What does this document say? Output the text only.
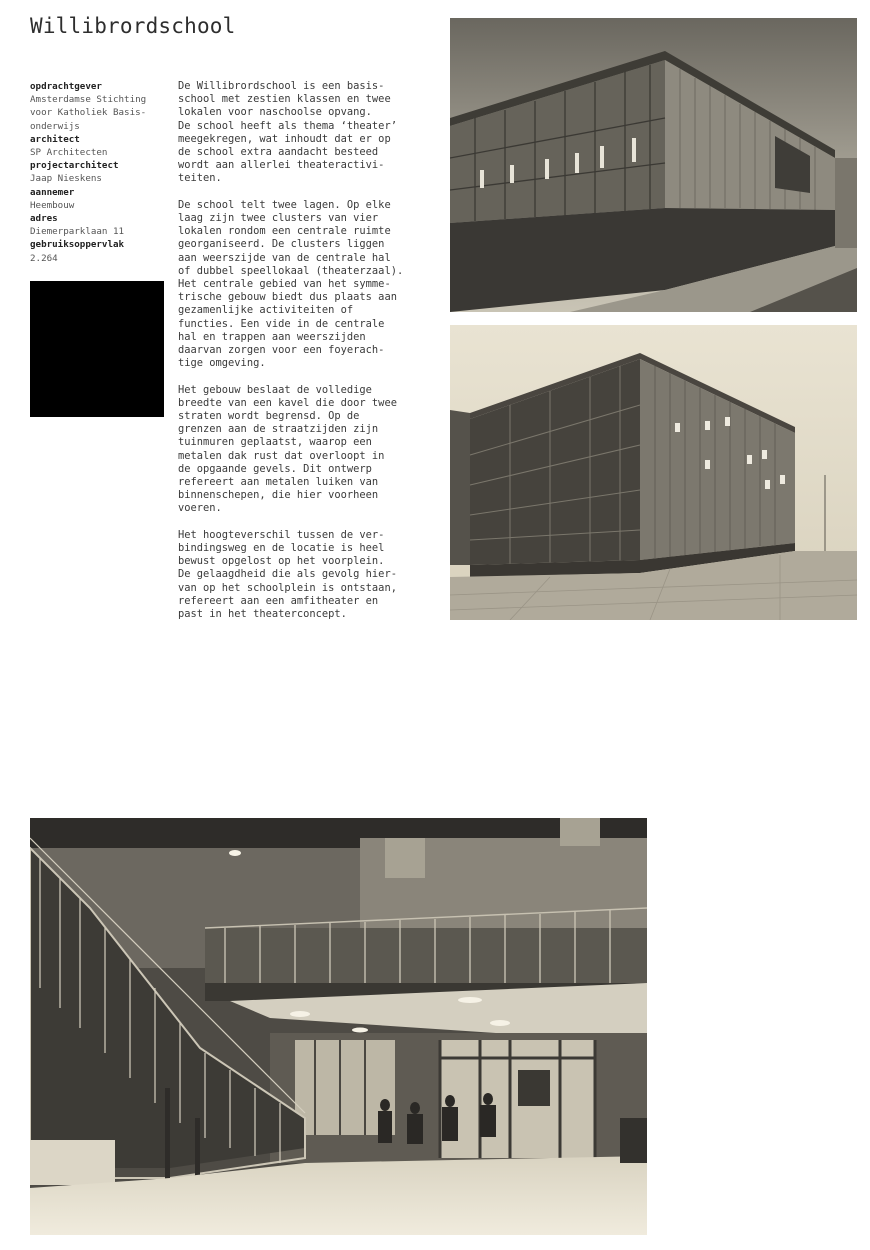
Willibrordschool
opdrachtgever
Amsterdamse Stichting
voor Katholiek Basis-
onderwijs
architect
SP Architecten
projectarchitect
Jaap Nieskens
aannemer
Heembouw
adres
Diemerparklaan 11
gebruiksoppervlak
2.264

De Willibrordschool is een basis-
school met zestien klassen en twee
lokalen voor naschoolse opvang.
De school heeft als thema ‘theater’
meegekregen, wat inhoudt dat er op
de school extra aandacht besteed
wordt aan allerlei theateractivi-
teiten.

De school telt twee lagen. Op elke
laag zijn twee clusters van vier
lokalen rondom een centrale ruimte
georganiseerd. De clusters liggen
aan weerszijde van de centrale hal
of dubbel speellokaal (theaterzaal).
Het centrale gebied van het symme-
trische gebouw biedt dus plaats aan
gezamenlijke activiteiten of
functies. Een vide in de centrale
hal en trappen aan weerszijden
daarvan zorgen voor een foyerach-
tige omgeving.

Het gebouw beslaat de volledige
breedte van een kavel die door twee
straten wordt begrensd. Op de
grenzen aan de straatzijden zijn
tuinmuren geplaatst, waarop een
metalen dak rust dat overloopt in
de opgaande gevels. Dit ontwerp
refereert aan metalen luiken van
binnenschepen, die hier voorheen
voeren.

Het hoogteverschil tussen de ver-
bindingsweg en de locatie is heel
bewust opgelost op het voorplein.
De gelaagdheid die als gevolg hier-
van op het schoolplein is ontstaan,
refereert aan een amfitheater en
past in het theaterconcept.
